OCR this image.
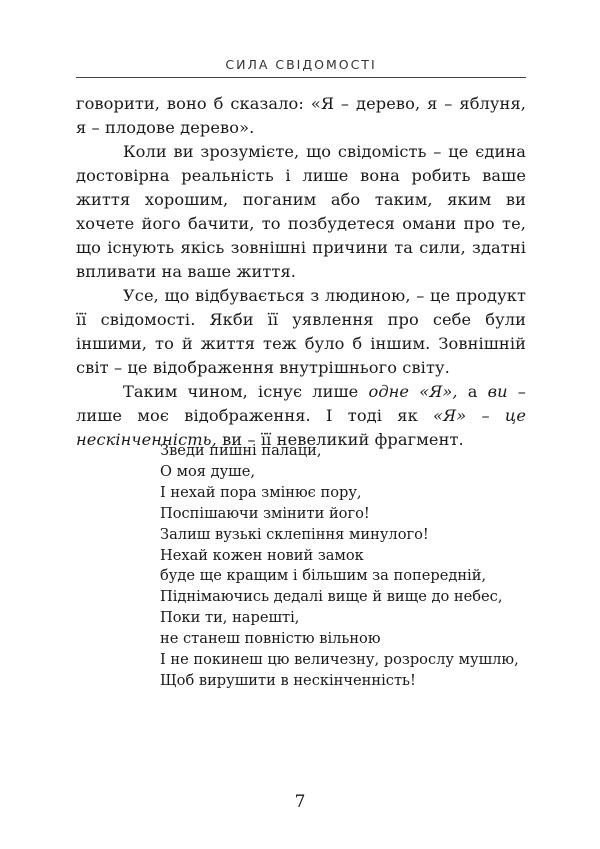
СИЛА СВІДОМОСТІ

говорити, воно б сказало: «Я – дерево, я – яблуня, я – плодове дерево».

Коли ви зрозумієте, що свідомість – це єдина достовірна реальність і лише вона робить ваше життя хорошим, поганим або таким, яким ви хочете його бачити, то позбудетеся омани про те, що існують якісь зовнішні причини та сили, здатні впливати на ваше життя.

Усе, що відбувається з людиною, – це продукт її свідомості. Якби її уявлення про себе були іншими, то й життя теж було б іншим. Зовнішній світ – це відображення внутрішнього світу.

Таким чином, існує лише одне «Я», а ви – лише моє відображення. І тоді як «Я» – це нескінченність, ви – її невеликий фрагмент.

Зведи пишні палаци,
О моя душе,
І нехай пора змінює пору,
Поспішаючи змінити його!
Залиш вузькі склепіння минулого!
Нехай кожен новий замок
буде ще кращим і більшим за попередній,
Піднімаючись дедалі вище й вище до небес,
Поки ти, нарешті,
не станеш повністю вільною
І не покинеш цю величезну, розрослу мушлю,
Щоб вирушити в нескінченність!
7
